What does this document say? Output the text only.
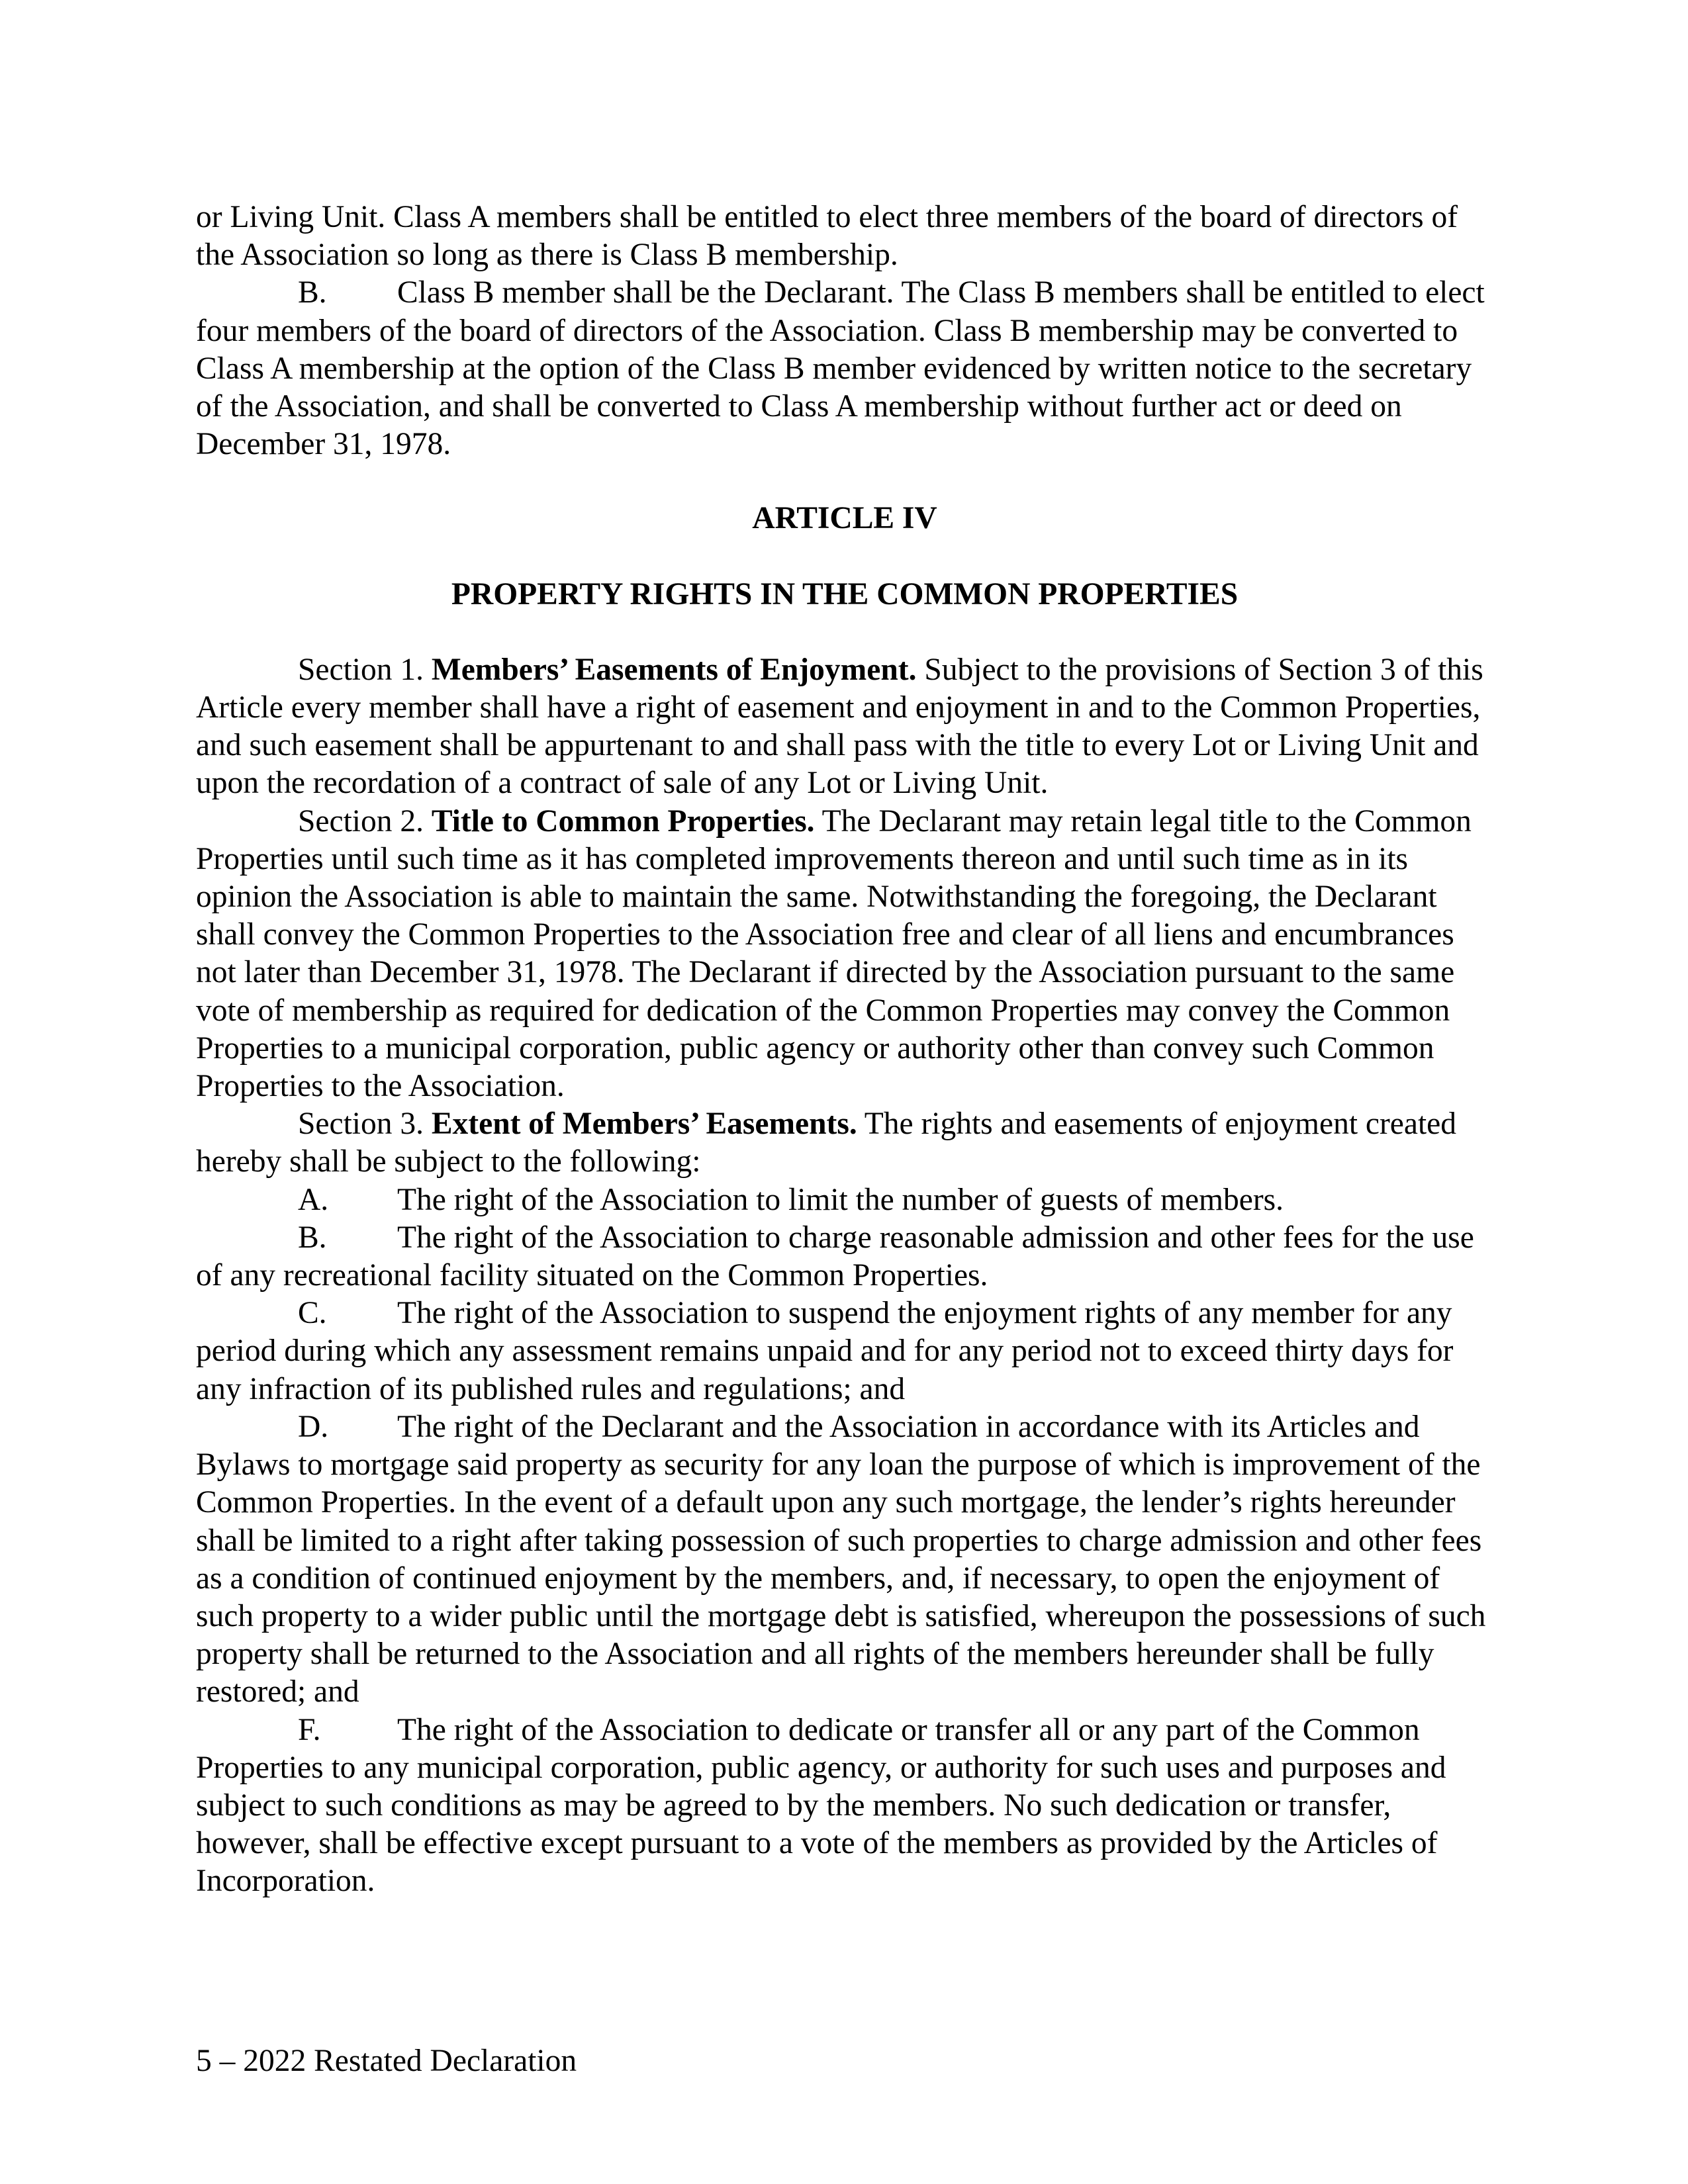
or Living Unit. Class A members shall be entitled to elect three members of the board of directors of the Association so long as there is Class B membership.

B. Class B member shall be the Declarant. The Class B members shall be entitled to elect four members of the board of directors of the Association. Class B membership may be converted to Class A membership at the option of the Class B member evidenced by written notice to the secretary of the Association, and shall be converted to Class A membership without further act or deed on December 31, 1978.

ARTICLE IV

PROPERTY RIGHTS IN THE COMMON PROPERTIES

Section 1. Members’ Easements of Enjoyment. Subject to the provisions of Section 3 of this Article every member shall have a right of easement and enjoyment in and to the Common Properties, and such easement shall be appurtenant to and shall pass with the title to every Lot or Living Unit and upon the recordation of a contract of sale of any Lot or Living Unit.

Section 2. Title to Common Properties. The Declarant may retain legal title to the Common Properties until such time as it has completed improvements thereon and until such time as in its opinion the Association is able to maintain the same. Notwithstanding the foregoing, the Declarant shall convey the Common Properties to the Association free and clear of all liens and encumbrances not later than December 31, 1978. The Declarant if directed by the Association pursuant to the same vote of membership as required for dedication of the Common Properties may convey the Common Properties to a municipal corporation, public agency or authority other than convey such Common Properties to the Association.

Section 3. Extent of Members’ Easements. The rights and easements of enjoyment created hereby shall be subject to the following:

A. The right of the Association to limit the number of guests of members.

B. The right of the Association to charge reasonable admission and other fees for the use of any recreational facility situated on the Common Properties.

C. The right of the Association to suspend the enjoyment rights of any member for any period during which any assessment remains unpaid and for any period not to exceed thirty days for any infraction of its published rules and regulations; and

D. The right of the Declarant and the Association in accordance with its Articles and Bylaws to mortgage said property as security for any loan the purpose of which is improvement of the Common Properties. In the event of a default upon any such mortgage, the lender’s rights hereunder shall be limited to a right after taking possession of such properties to charge admission and other fees as a condition of continued enjoyment by the members, and, if necessary, to open the enjoyment of such property to a wider public until the mortgage debt is satisfied, whereupon the possessions of such property shall be returned to the Association and all rights of the members hereunder shall be fully restored; and

F. The right of the Association to dedicate or transfer all or any part of the Common Properties to any municipal corporation, public agency, or authority for such uses and purposes and subject to such conditions as may be agreed to by the members. No such dedication or transfer, however, shall be effective except pursuant to a vote of the members as provided by the Articles of Incorporation.

5 – 2022 Restated Declaration
